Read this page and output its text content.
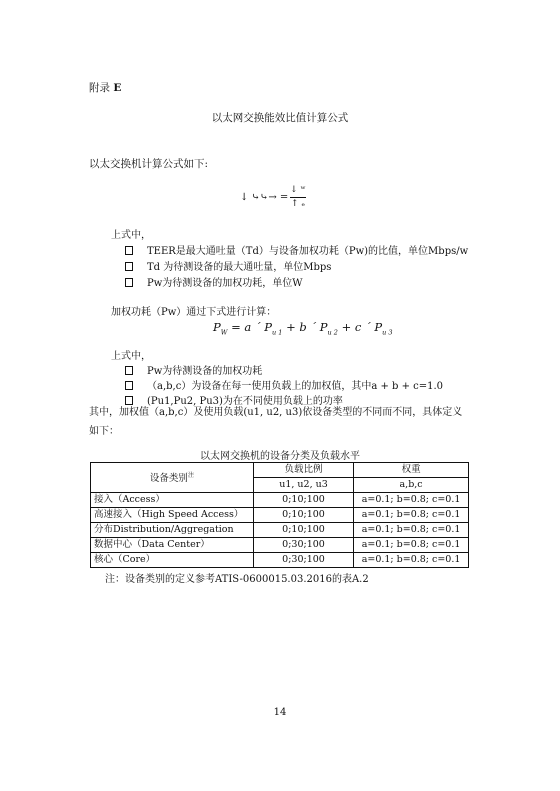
附录 E
以太网交换能效比值计算公式
以太交换机计算公式如下:
↓ ⤷⤷→ =
↓ ʷ
↑ ₑ
上式中，
TEER是最大通吐量（Td）与设备加权功耗（Pw)的比值，单位Mbps/w
Td 为待测设备的最大通吐量，单位Mbps
Pw为待测设备的加权功耗，单位W
加权功耗（Pw）通过下式进行计算：
$P_W = a$ ´ $P_{u 1} + b$ ´ $P_{u 2} + c$ ´ $P_{u 3}$
上式中，
Pw为待测设备的加权功耗
（a,b,c）为设备在每一使用负载上的加权值，其中a + b + c=1.0
(Pu1,Pu2, Pu3)为在不同使用负载上的功率
其中，加权值（a,b,c）及使用负载(u1, u2, u3)依设备类型的不同而不同，具体定义如下：
以太网交换机的设备分类及负载水平
设备类别$^注$	负载比例	权重
	u1, u2, u3	a,b,c
接入（Access）	0;10;100	a=0.1; b=0.8; c=0.1
高速接入（High Speed Access）	0;10;100	a=0.1; b=0.8; c=0.1
分布Distribution/Aggregation	0;10;100	a=0.1; b=0.8; c=0.1
数据中心（Data Center）	0;30;100	a=0.1; b=0.8; c=0.1
核心（Core）	0;30;100	a=0.1; b=0.8; c=0.1
注：设备类别的定义参考ATIS-0600015.03.2016的表A.2
14
